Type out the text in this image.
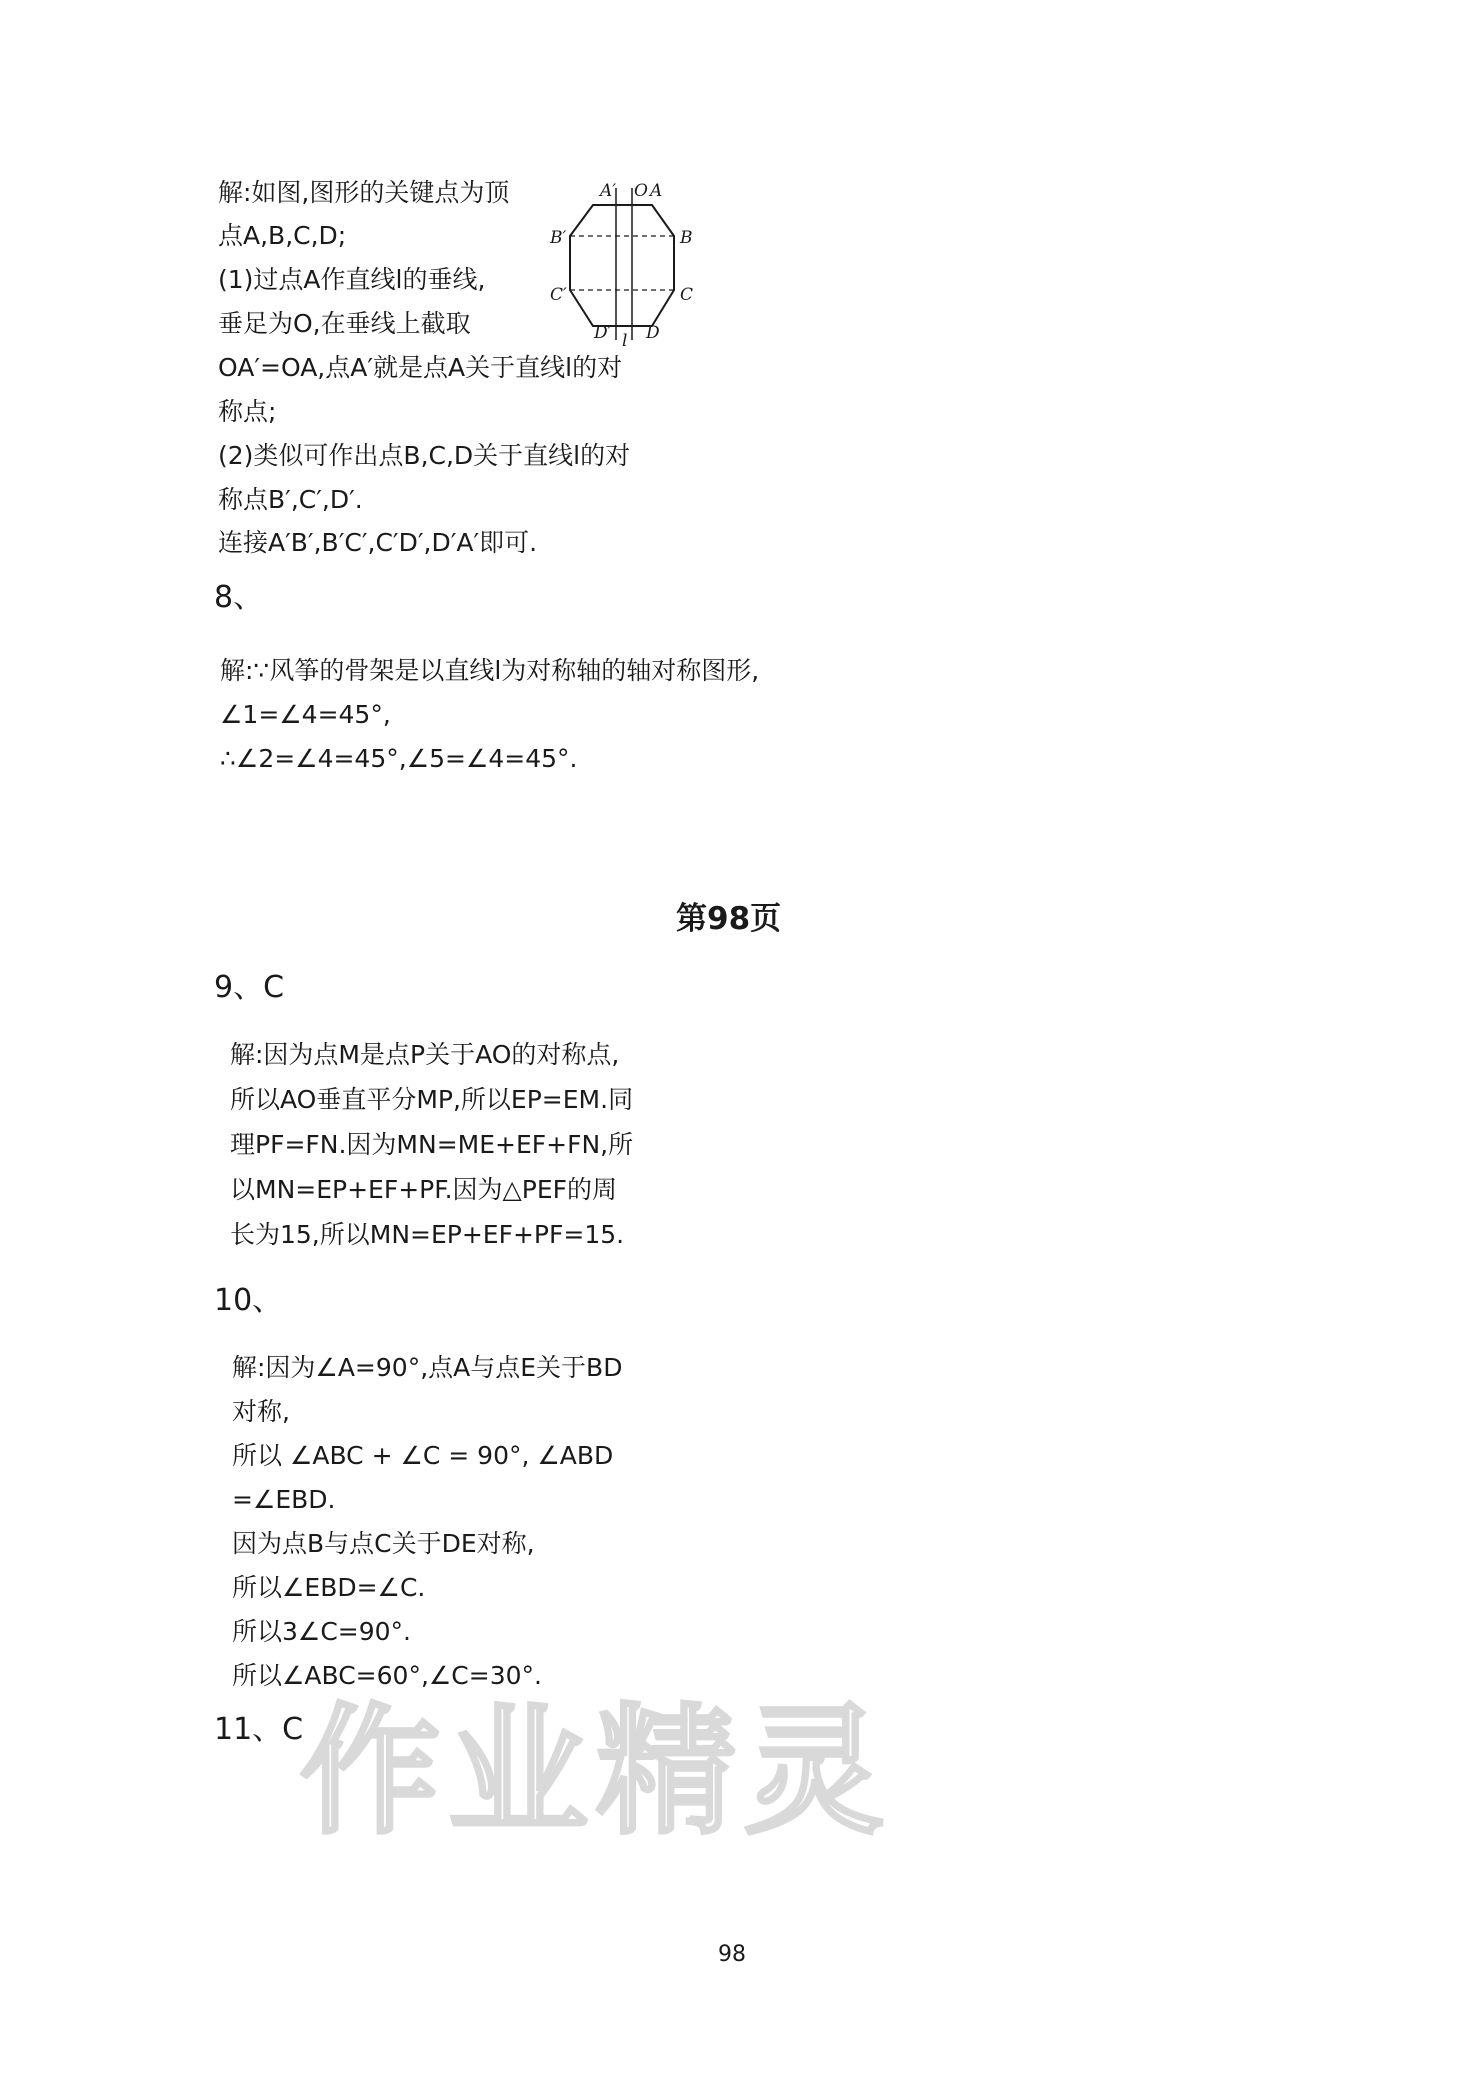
解:如图,图形的关键点为顶
点A,B,C,D;
(1)过点A作直线l的垂线,
垂足为O,在垂线上截取
OA′=OA,点A′就是点A关于直线l的对
称点;
(2)类似可作出点B,C,D关于直线l的对
称点B′,C′,D′.
连接A′B′,B′C′,C′D′,D′A′即可.
A′ O A
B′	B
C′	C
D′ l D
8、
解:∵风筝的骨架是以直线l为对称轴的轴对称图形,
∠1=∠4=45°,
∴∠2=∠4=45°,∠5=∠4=45°.
第98页
9、C
解:因为点M是点P关于AO的对称点,
所以AO垂直平分MP,所以EP=EM.同
理PF=FN.因为MN=ME+EF+FN,所
以MN=EP+EF+PF.因为△PEF的周
长为15,所以MN=EP+EF+PF=15.
10、
解:因为∠A=90°,点A与点E关于BD
对称,
所以 ∠ABC + ∠C = 90°, ∠ABD
=∠EBD.
因为点B与点C关于DE对称,
所以∠EBD=∠C.
所以3∠C=90°.
所以∠ABC=60°,∠C=30°.
11、C
作业精灵
98
